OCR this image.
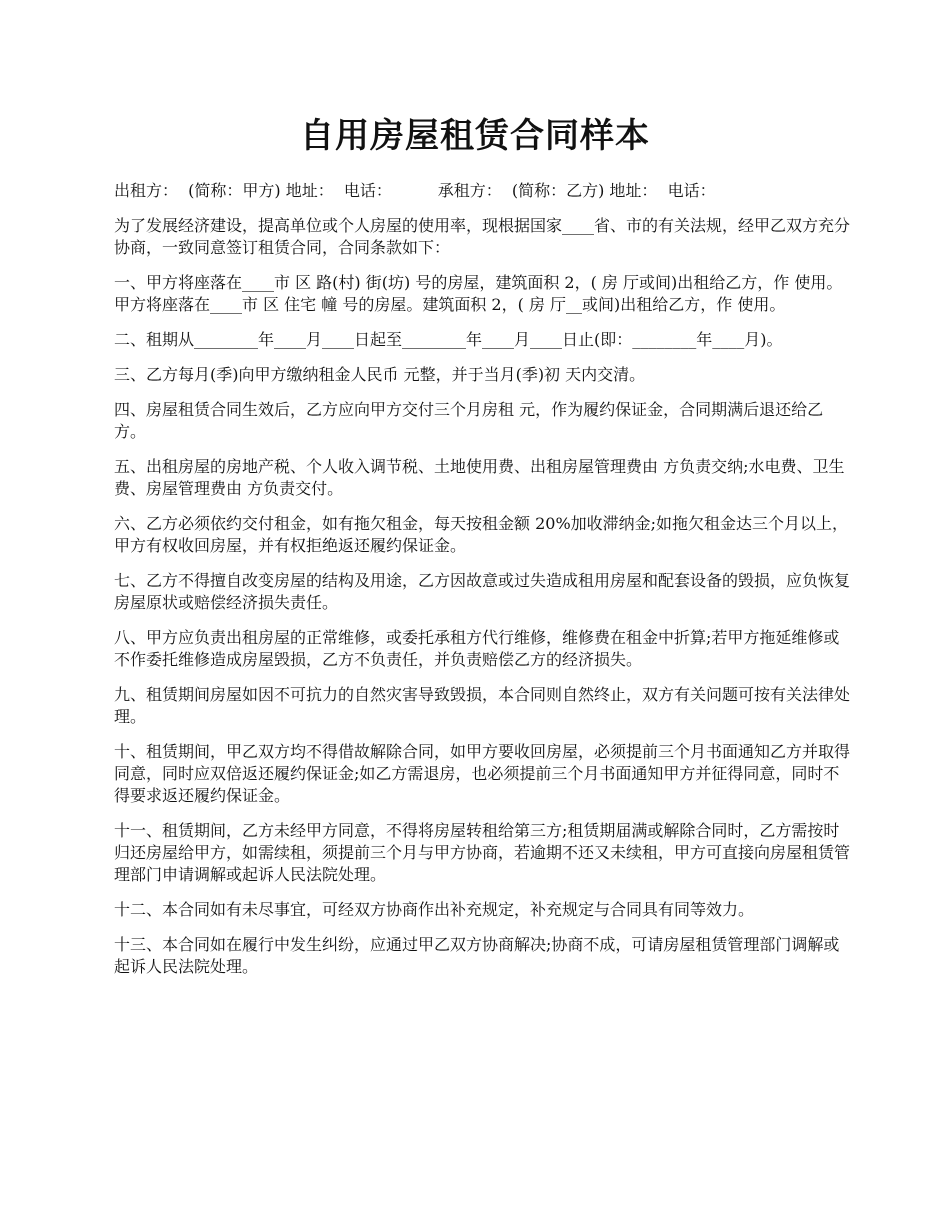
自用房屋租赁合同样本

出租方：  (简称：甲方) 地址：  电话：         承租方：  (简称：乙方) 地址：  电话：

为了发展经济建设，提高单位或个人房屋的使用率，现根据国家____省、市的有关法规，经甲乙双方充分协商，一致同意签订租赁合同，合同条款如下：

一、甲方将座落在____市 区 路(村) 街(坊) 号的房屋，建筑面积 2，( 房 厅或间)出租给乙方，作 使用。         甲方将座落在____市 区 住宅 幢 号的房屋。建筑面积 2，( 房 厅__或间)出租给乙方，作 使用。

二、租期从________年____月____日起至________年____月____日止(即：________年____月)。

三、乙方每月(季)向甲方缴纳租金人民币 元整，并于当月(季)初 天内交清。

四、房屋租赁合同生效后，乙方应向甲方交付三个月房租 元，作为履约保证金，合同期满后退还给乙方。

五、出租房屋的房地产税、个人收入调节税、土地使用费、出租房屋管理费由 方负责交纳;水电费、卫生费、房屋管理费由 方负责交付。

六、乙方必须依约交付租金，如有拖欠租金，每天按租金额 20%加收滞纳金;如拖欠租金达三个月以上，甲方有权收回房屋，并有权拒绝返还履约保证金。

七、乙方不得擅自改变房屋的结构及用途，乙方因故意或过失造成租用房屋和配套设备的毁损，应负恢复房屋原状或赔偿经济损失责任。

八、甲方应负责出租房屋的正常维修，或委托承租方代行维修，维修费在租金中折算;若甲方拖延维修或不作委托维修造成房屋毁损，乙方不负责任，并负责赔偿乙方的经济损失。

九、租赁期间房屋如因不可抗力的自然灾害导致毁损，本合同则自然终止，双方有关问题可按有关法律处理。

十、租赁期间，甲乙双方均不得借故解除合同，如甲方要收回房屋，必须提前三个月书面通知乙方并取得同意，同时应双倍返还履约保证金;如乙方需退房，也必须提前三个月书面通知甲方并征得同意，同时不得要求返还履约保证金。

十一、租赁期间，乙方未经甲方同意，不得将房屋转租给第三方;租赁期届满或解除合同时，乙方需按时归还房屋给甲方，如需续租，须提前三个月与甲方协商，若逾期不还又未续租，甲方可直接向房屋租赁管理部门申请调解或起诉人民法院处理。

十二、本合同如有未尽事宜，可经双方协商作出补充规定，补充规定与合同具有同等效力。

十三、本合同如在履行中发生纠纷，应通过甲乙双方协商解决;协商不成，可请房屋租赁管理部门调解或起诉人民法院处理。
